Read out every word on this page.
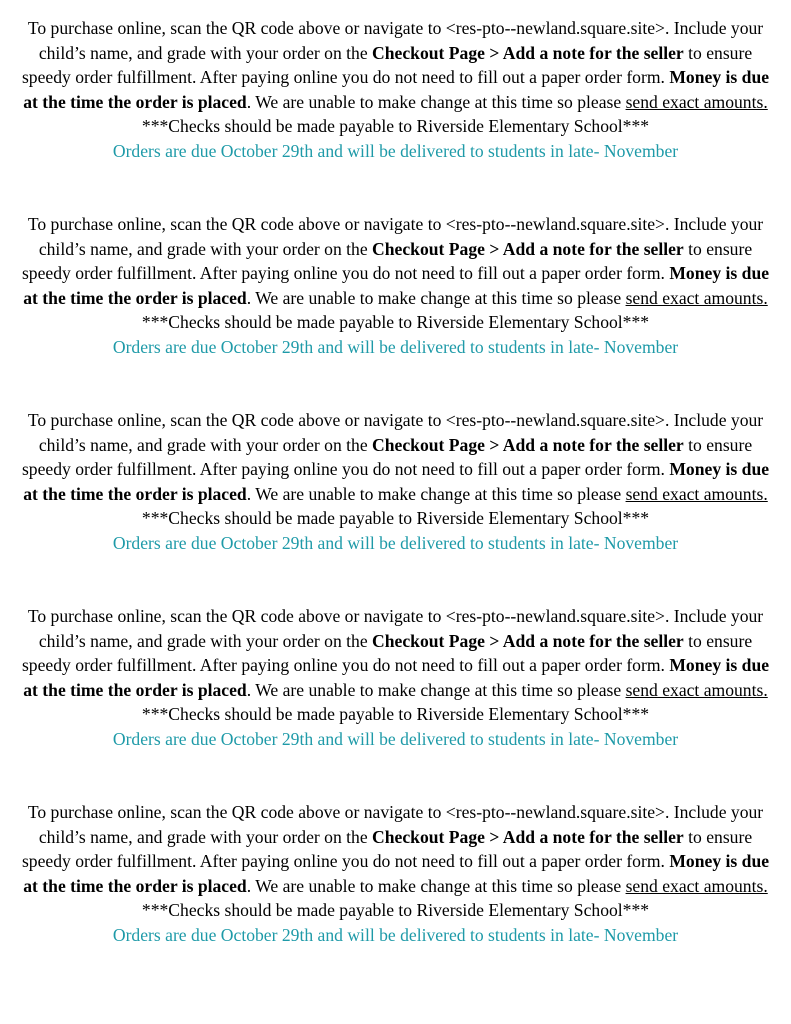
To purchase online, scan the QR code above or navigate to <res-pto--newland.square.site>. Include your child’s name, and grade with your order on the Checkout Page > Add a note for the seller to ensure speedy order fulfillment. After paying online you do not need to fill out a paper order form. Money is due at the time the order is placed. We are unable to make change at this time so please send exact amounts.

***Checks should be made payable to Riverside Elementary School***

Orders are due October 29th and will be delivered to students in late- November

To purchase online, scan the QR code above or navigate to <res-pto--newland.square.site>. Include your child’s name, and grade with your order on the Checkout Page > Add a note for the seller to ensure speedy order fulfillment. After paying online you do not need to fill out a paper order form. Money is due at the time the order is placed. We are unable to make change at this time so please send exact amounts.

***Checks should be made payable to Riverside Elementary School***

Orders are due October 29th and will be delivered to students in late- November

To purchase online, scan the QR code above or navigate to <res-pto--newland.square.site>. Include your child’s name, and grade with your order on the Checkout Page > Add a note for the seller to ensure speedy order fulfillment. After paying online you do not need to fill out a paper order form. Money is due at the time the order is placed. We are unable to make change at this time so please send exact amounts.

***Checks should be made payable to Riverside Elementary School***

Orders are due October 29th and will be delivered to students in late- November

To purchase online, scan the QR code above or navigate to <res-pto--newland.square.site>. Include your child’s name, and grade with your order on the Checkout Page > Add a note for the seller to ensure speedy order fulfillment. After paying online you do not need to fill out a paper order form. Money is due at the time the order is placed. We are unable to make change at this time so please send exact amounts.

***Checks should be made payable to Riverside Elementary School***

Orders are due October 29th and will be delivered to students in late- November

To purchase online, scan the QR code above or navigate to <res-pto--newland.square.site>. Include your child’s name, and grade with your order on the Checkout Page > Add a note for the seller to ensure speedy order fulfillment. After paying online you do not need to fill out a paper order form. Money is due at the time the order is placed. We are unable to make change at this time so please send exact amounts.

***Checks should be made payable to Riverside Elementary School***

Orders are due October 29th and will be delivered to students in late- November
